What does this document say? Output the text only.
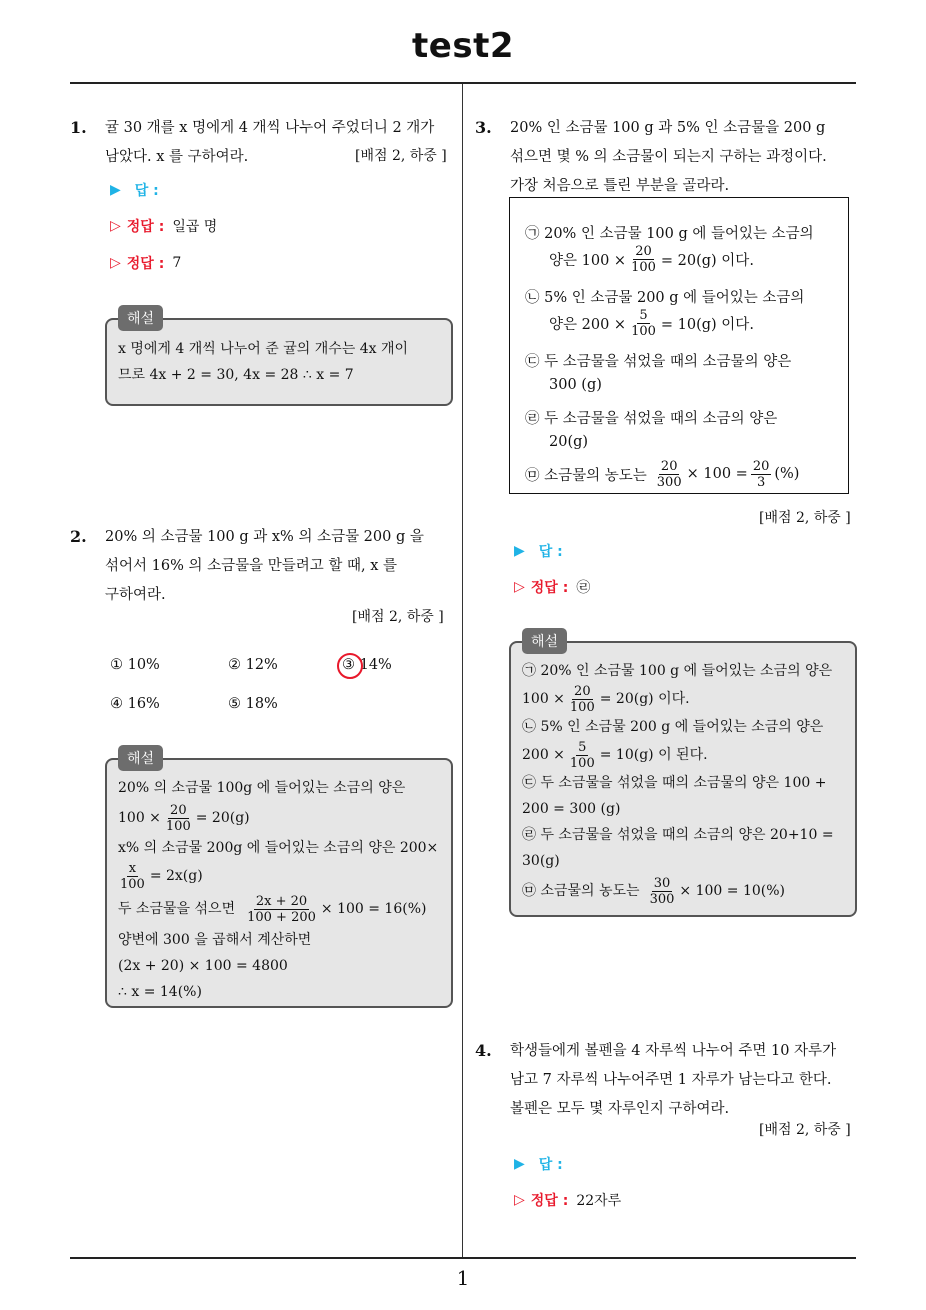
test2
1. 귤 30 개를 x 명에게 4 개씩 나누어 주었더니 2 개가
남았다. x 를 구하여라.	[배점 2, 하중 ]
▶ 답 :
▷ 정답 : 일곱 명
▷ 정답 : 7
해설
x 명에게 4 개씩 나누어 준 귤의 개수는 4x 개이
므로 4x + 2 = 30, 4x = 28 ∴ x = 7
2. 20% 의 소금물 100 g 과 x% 의 소금물 200 g 을
섞어서 16% 의 소금물을 만들려고 할 때, x 를
구하여라.
[배점 2, 하중 ]
① 10%	② 12%	③ 14%
④ 16%	⑤ 18%
해설
20% 의 소금물 100g 에 들어있는 소금의 양은
$100 \times \frac{20}{100} = 20(g)$
x% 의 소금물 200g 에 들어있는 소금의 양은 200×
$\frac{x}{100} = 2x(g)$
두 소금물을 섞으면 $\frac{2x + 20}{100 + 200} \times 100 = 16(\%)$
양변에 300 을 곱해서 계산하면
(2x + 20) × 100 = 4800
∴ x = 14(%)
3. 20% 인 소금물 100 g 과 5% 인 소금물을 200 g
섞으면 몇 % 의 소금물이 되는지 구하는 과정이다.
가장 처음으로 틀린 부분을 골라라.
㉠ 20% 인 소금물 100 g 에 들어있는 소금의
양은 $100 \times \frac{20}{100} = 20(g)$ 이다.
㉡ 5% 인 소금물 200 g 에 들어있는 소금의
양은 $200 \times \frac{5}{100} = 10(g)$ 이다.
㉢ 두 소금물을 섞었을 때의 소금물의 양은
300 (g)
㉣ 두 소금물을 섞었을 때의 소금의 양은
20(g)
㉤ 소금물의 농도는 $\frac{20}{300} \times 100 = \frac{20}{3}$ (%)
[배점 2, 하중 ]
▶ 답 :
▷ 정답 : ㉣
해설
㉠ 20% 인 소금물 100 g 에 들어있는 소금의 양은
$100 \times \frac{20}{100} = 20(g)$ 이다.
㉡ 5% 인 소금물 200 g 에 들어있는 소금의 양은
$200 \times \frac{5}{100} = 10(g)$ 이 된다.
㉢ 두 소금물을 섞었을 때의 소금물의 양은 100 +
200 = 300 (g)
㉣ 두 소금물을 섞었을 때의 소금의 양은 20+10 =
30(g)
㉤ 소금물의 농도는 $\frac{30}{300} \times 100 = 10(\%)$
4. 학생들에게 볼펜을 4 자루씩 나누어 주면 10 자루가
남고 7 자루씩 나누어주면 1 자루가 남는다고 한다.
볼펜은 모두 몇 자루인지 구하여라.
[배점 2, 하중 ]
▶ 답 :
▷ 정답 : 22자루
1
